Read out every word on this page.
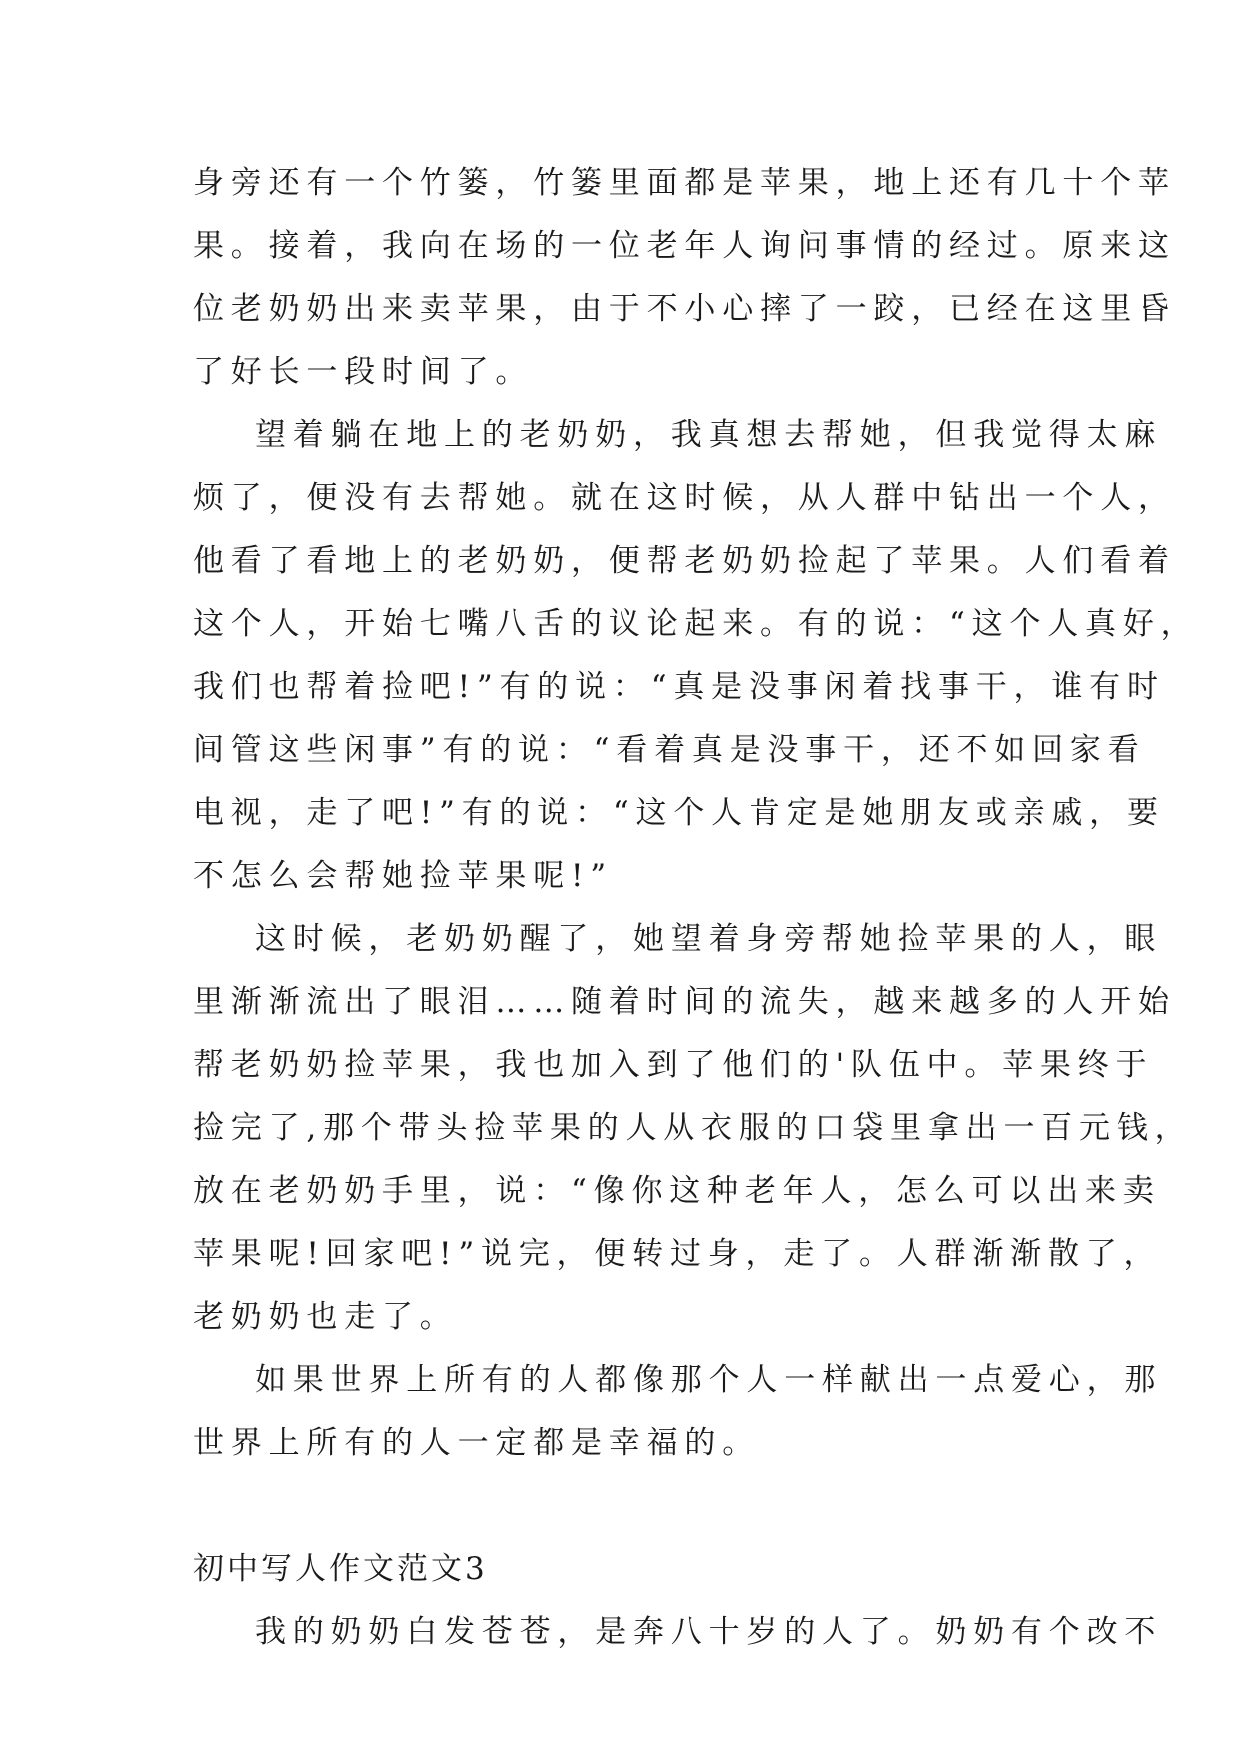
身旁还有一个竹篓，竹篓里面都是苹果，地上还有几十个苹
果。接着，我向在场的一位老年人询问事情的经过。原来这
位老奶奶出来卖苹果，由于不小心摔了一跤，已经在这里昏
了好长一段时间了。
望着躺在地上的老奶奶，我真想去帮她，但我觉得太麻
烦了，便没有去帮她。就在这时候，从人群中钻出一个人，
他看了看地上的老奶奶，便帮老奶奶捡起了苹果。人们看着
这个人，开始七嘴八舌的议论起来。有的说：“这个人真好，
我们也帮着捡吧!”有的说：“真是没事闲着找事干，谁有时
间管这些闲事”有的说：“看着真是没事干，还不如回家看
电视，走了吧!”有的说：“这个人肯定是她朋友或亲戚，要
不怎么会帮她捡苹果呢!”
这时候，老奶奶醒了，她望着身旁帮她捡苹果的人，眼
里渐渐流出了眼泪……随着时间的流失，越来越多的人开始
帮老奶奶捡苹果，我也加入到了他们的'队伍中。苹果终于
捡完了,那个带头捡苹果的人从衣服的口袋里拿出一百元钱，
放在老奶奶手里，说：“像你这种老年人，怎么可以出来卖
苹果呢!回家吧!”说完，便转过身，走了。人群渐渐散了，
老奶奶也走了。
如果世界上所有的人都像那个人一样献出一点爱心，那
世界上所有的人一定都是幸福的。
初中写人作文范文3
我的奶奶白发苍苍，是奔八十岁的人了。奶奶有个改不
